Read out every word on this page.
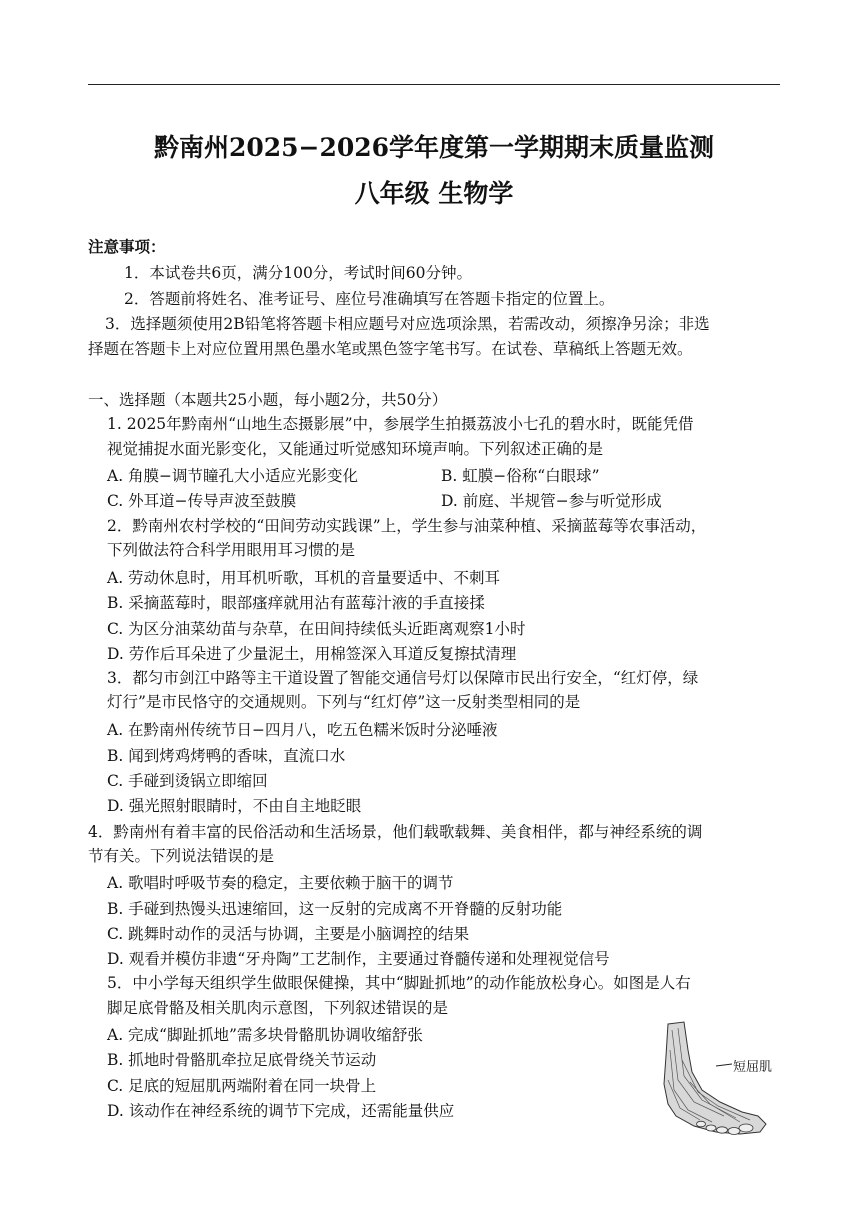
黔南州2025−2026学年度第一学期期末质量监测
八年级 生物学
注意事项：
1．本试卷共6页，满分100分，考试时间60分钟。
2．答题前将姓名、准考证号、座位号准确填写在答题卡指定的位置上。
3．选择题须使用2B铅笔将答题卡相应题号对应选项涂黑，若需改动，须擦净另涂；非选
择题在答题卡上对应位置用黑色墨水笔或黑色签字笔书写。在试卷、草稿纸上答题无效。
一、选择题（本题共25小题，每小题2分，共50分）
1. 2025年黔南州“山地生态摄影展”中，参展学生拍摄荔波小七孔的碧水时，既能凭借
视觉捕捉水面光影变化，又能通过听觉感知环境声响。下列叙述正确的是
A. 角膜−调节瞳孔大小适应光影变化	B. 虹膜−俗称“白眼球”
C. 外耳道−传导声波至鼓膜	D. 前庭、半规管−参与听觉形成
2．黔南州农村学校的“田间劳动实践课”上，学生参与油菜种植、采摘蓝莓等农事活动，
下列做法符合科学用眼用耳习惯的是
A. 劳动休息时，用耳机听歌，耳机的音量要适中、不刺耳
B. 采摘蓝莓时，眼部瘙痒就用沾有蓝莓汁液的手直接揉
C. 为区分油菜幼苗与杂草，在田间持续低头近距离观察1小时
D. 劳作后耳朵进了少量泥土，用棉签深入耳道反复擦拭清理
3．都匀市剑江中路等主干道设置了智能交通信号灯以保障市民出行安全，“红灯停，绿
灯行”是市民恪守的交通规则。下列与“红灯停”这一反射类型相同的是
A. 在黔南州传统节日−四月八，吃五色糯米饭时分泌唾液
B. 闻到烤鸡烤鸭的香味，直流口水
C. 手碰到烫锅立即缩回
D. 强光照射眼睛时，不由自主地眨眼
4．黔南州有着丰富的民俗活动和生活场景，他们载歌载舞、美食相伴，都与神经系统的调
节有关。下列说法错误的是
A. 歌唱时呼吸节奏的稳定，主要依赖于脑干的调节
B. 手碰到热馒头迅速缩回，这一反射的完成离不开脊髓的反射功能
C. 跳舞时动作的灵活与协调，主要是小脑调控的结果
D. 观看并模仿非遗“牙舟陶”工艺制作，主要通过脊髓传递和处理视觉信号
5．中小学每天组织学生做眼保健操，其中“脚趾抓地”的动作能放松身心。如图是人右
脚足底骨骼及相关肌肉示意图，下列叙述错误的是
A. 完成“脚趾抓地”需多块骨骼肌协调收缩舒张
B. 抓地时骨骼肌牵拉足底骨绕关节运动
C. 足底的短屈肌两端附着在同一块骨上
D. 该动作在神经系统的调节下完成，还需能量供应
短屈肌
